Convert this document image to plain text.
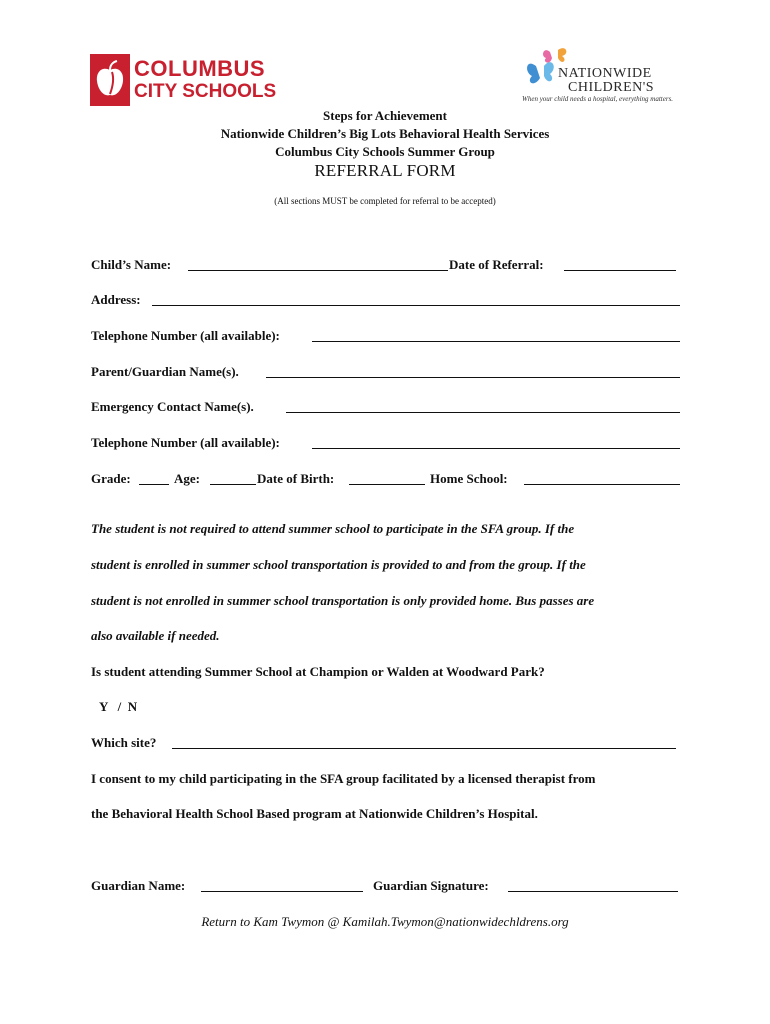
COLUMBUS
CITY SCHOOLS
NATIONWIDE
CHILDREN'S
When your child needs a hospital, everything matters.
Steps for Achievement
Nationwide Children’s Big Lots Behavioral Health Services
Columbus City Schools Summer Group
REFERRAL FORM
(All sections MUST be completed for referral to be accepted)
Child’s Name:	Date of Referral:
Address:
Telephone Number (all available):
Parent/Guardian Name(s).
Emergency Contact Name(s).
Telephone Number (all available):
Grade:	Age:	Date of Birth:	Home School:
The student is not required to attend summer school to participate in the SFA group. If the
student is enrolled in summer school transportation is provided to and from the group. If the
student is not enrolled in summer school transportation is only provided home. Bus passes are
also available if needed.
Is student attending Summer School at Champion or Walden at Woodward Park?
Y   /  N
Which site?
I consent to my child participating in the SFA group facilitated by a licensed therapist from
the Behavioral Health School Based program at Nationwide Children’s Hospital.
Guardian Name:	Guardian Signature:
Return to Kam Twymon @ Kamilah.Twymon@nationwidechldrens.org
